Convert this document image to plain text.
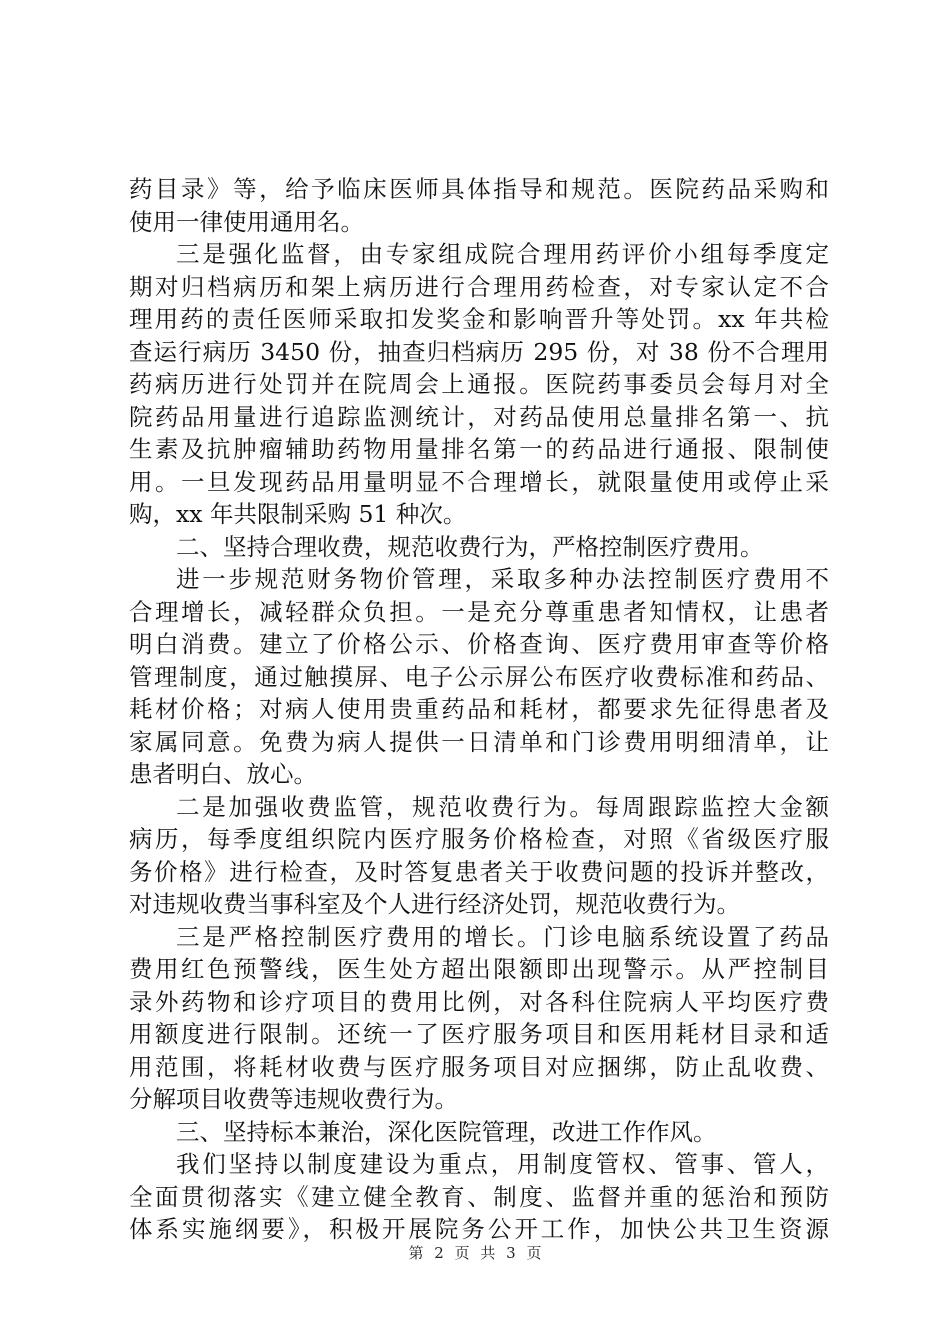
药目录》等，给予临床医师具体指导和规范。医院药品采购和
使用一律使用通用名。
三是强化监督，由专家组成院合理用药评价小组每季度定
期对归档病历和架上病历进行合理用药检查，对专家认定不合
理用药的责任医师采取扣发奖金和影响晋升等处罚。xx 年共检
查运行病历 3450 份，抽查归档病历 295 份，对 38 份不合理用
药病历进行处罚并在院周会上通报。医院药事委员会每月对全
院药品用量进行追踪监测统计，对药品使用总量排名第一、抗
生素及抗肿瘤辅助药物用量排名第一的药品进行通报、限制使
用。一旦发现药品用量明显不合理增长，就限量使用或停止采
购，xx 年共限制采购 51 种次。
二、坚持合理收费，规范收费行为，严格控制医疗费用。
进一步规范财务物价管理，采取多种办法控制医疗费用不
合理增长，减轻群众负担。一是充分尊重患者知情权，让患者
明白消费。建立了价格公示、价格查询、医疗费用审查等价格
管理制度，通过触摸屏、电子公示屏公布医疗收费标准和药品、
耗材价格；对病人使用贵重药品和耗材，都要求先征得患者及
家属同意。免费为病人提供一日清单和门诊费用明细清单，让
患者明白、放心。
二是加强收费监管，规范收费行为。每周跟踪监控大金额
病历，每季度组织院内医疗服务价格检查，对照《省级医疗服
务价格》进行检查，及时答复患者关于收费问题的投诉并整改，
对违规收费当事科室及个人进行经济处罚，规范收费行为。
三是严格控制医疗费用的增长。门诊电脑系统设置了药品
费用红色预警线，医生处方超出限额即出现警示。从严控制目
录外药物和诊疗项目的费用比例，对各科住院病人平均医疗费
用额度进行限制。还统一了医疗服务项目和医用耗材目录和适
用范围，将耗材收费与医疗服务项目对应捆绑，防止乱收费、
分解项目收费等违规收费行为。
三、坚持标本兼治，深化医院管理，改进工作作风。
我们坚持以制度建设为重点，用制度管权、管事、管人，
全面贯彻落实《建立健全教育、制度、监督并重的惩治和预防
体系实施纲要》，积极开展院务公开工作，加快公共卫生资源
第 2 页 共 3 页
